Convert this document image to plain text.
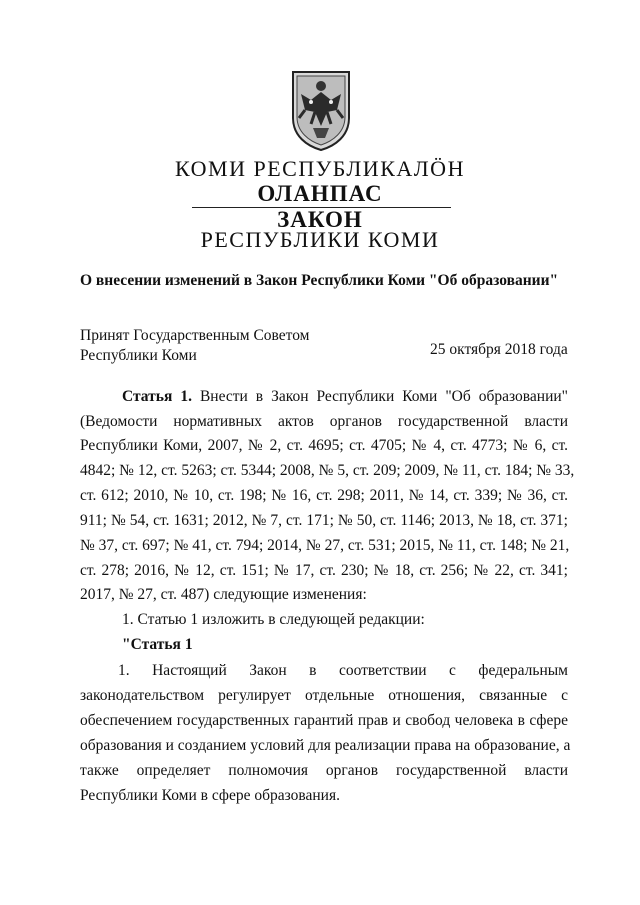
КОМИ РЕСПУБЛИКАЛÖН
ОЛАНПАС
ЗАКОН
РЕСПУБЛИКИ КОМИ
О внесении изменений в Закон Республики Коми "Об образовании"
Принят Государственным Советом
Республики Коми	25 октября 2018 года
Статья 1. Внести в Закон Республики Коми "Об образовании"
(Ведомости нормативных актов органов государственной власти
Республики Коми, 2007, № 2, ст. 4695; ст. 4705; № 4, ст. 4773; № 6, ст.
4842; № 12, ст. 5263; ст. 5344; 2008, № 5, ст. 209; 2009, № 11, ст. 184; № 33,
ст. 612; 2010, № 10, ст. 198; № 16, ст. 298; 2011, № 14, ст. 339; № 36, ст.
911; № 54, ст. 1631; 2012, № 7, ст. 171; № 50, ст. 1146; 2013, № 18, ст. 371;
№ 37, ст. 697; № 41, ст. 794; 2014, № 27, ст. 531; 2015, № 11, ст. 148; № 21,
ст. 278; 2016, № 12, ст. 151; № 17, ст. 230; № 18, ст. 256; № 22, ст. 341;
2017, № 27, ст. 487) следующие изменения:
1. Статью 1 изложить в следующей редакции:
"Статья 1
1.    Настоящий    Закон    в    соответствии    с    федеральным
законодательством регулирует отдельные отношения, связанные с
обеспечением государственных гарантий прав и свобод человека в сфере
образования и созданием условий для реализации права на образование, а
также определяет полномочия органов государственной власти
Республики Коми в сфере образования.
